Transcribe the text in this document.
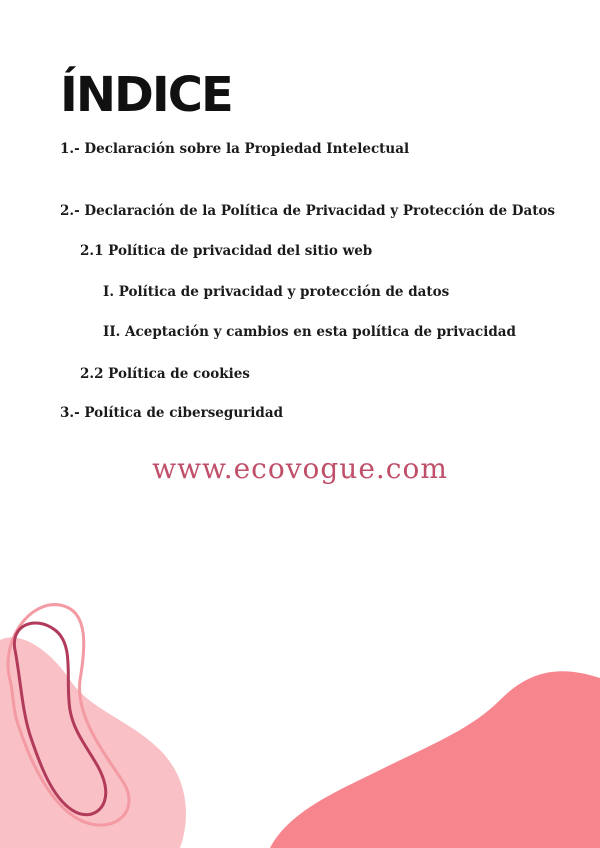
ÍNDICE
1.- Declaración sobre la Propiedad Intelectual
2.- Declaración de la Política de Privacidad y Protección de Datos
2.1 Política de privacidad del sitio web
I. Política de privacidad y protección de datos
II. Aceptación y cambios en esta política de privacidad
2.2 Política de cookies
3.- Política de ciberseguridad
www.ecovogue.com
